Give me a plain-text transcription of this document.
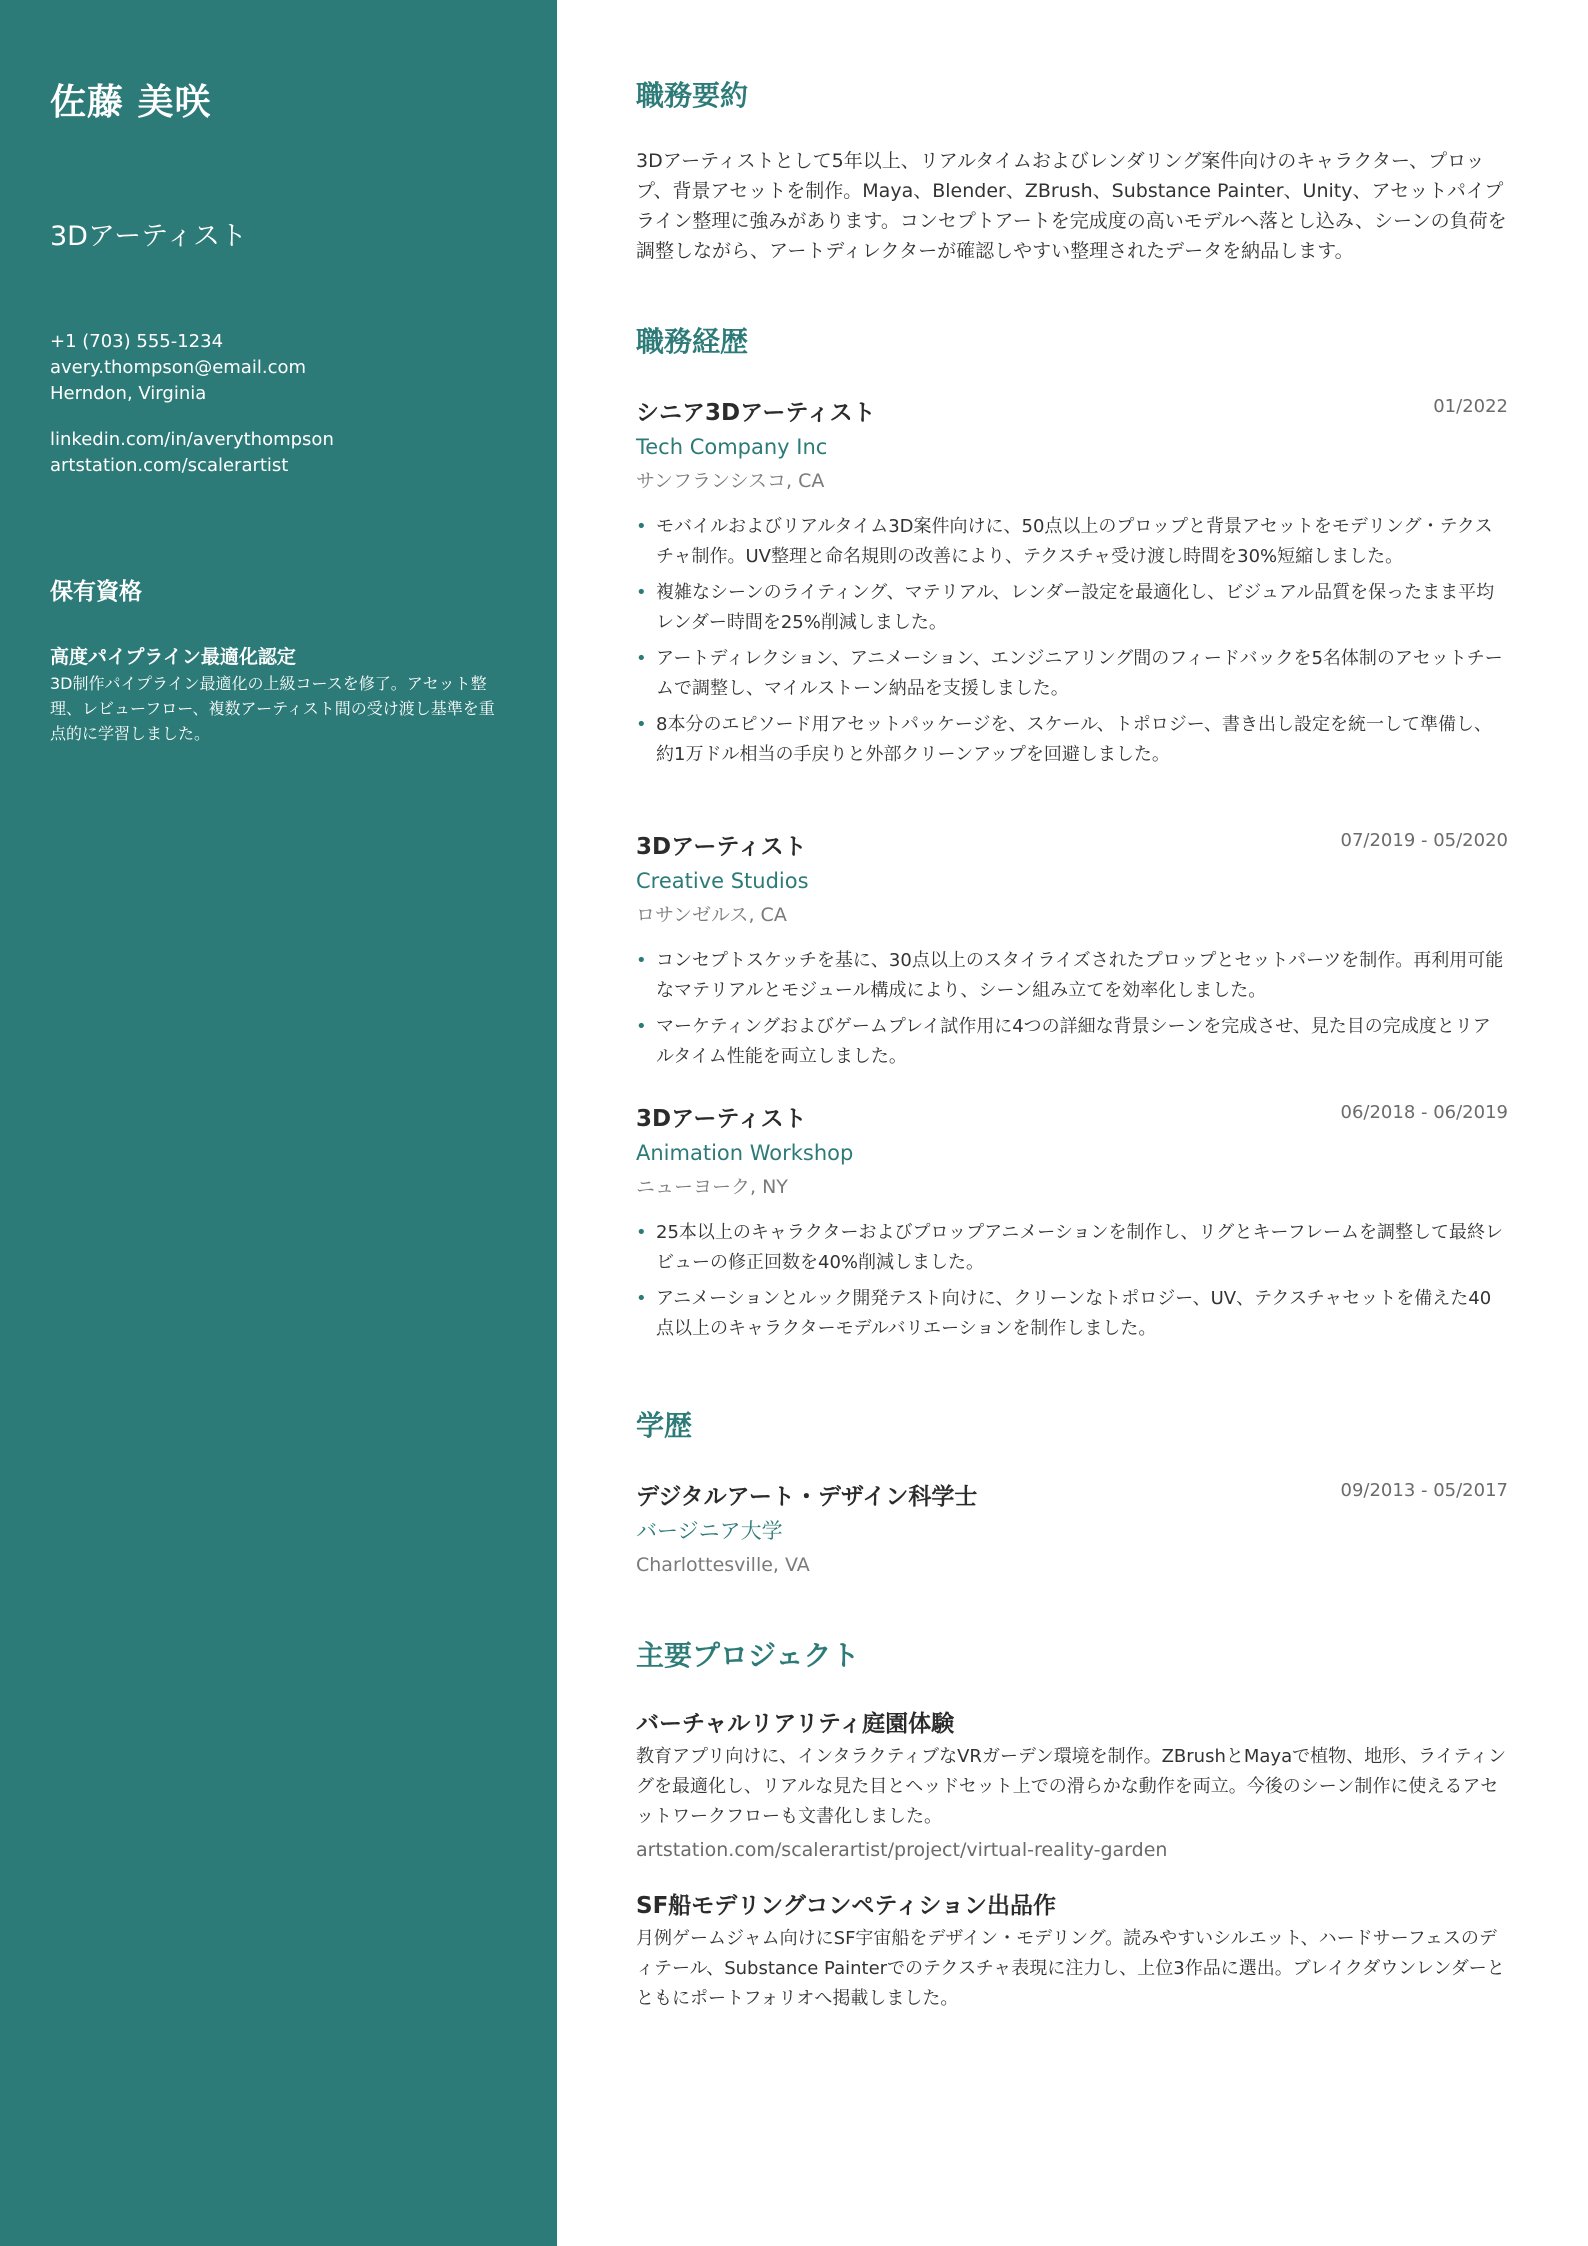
佐藤 美咲
3Dアーティスト
+1 (703) 555-1234
avery.thompson@email.com
Herndon, Virginia
linkedin.com/in/averythompson
artstation.com/scalerartist
保有資格
高度パイプライン最適化認定
3D制作パイプライン最適化の上級コースを修了。アセット整理、レビューフロー、複数アーティスト間の受け渡し基準を重点的に学習しました。
職務要約
3Dアーティストとして5年以上、リアルタイムおよびレンダリング案件向けのキャラクター、プロップ、背景アセットを制作。Maya、Blender、ZBrush、Substance Painter、Unity、アセットパイプライン整理に強みがあります。コンセプトアートを完成度の高いモデルへ落とし込み、シーンの負荷を調整しながら、アートディレクターが確認しやすい整理されたデータを納品します。
職務経歴
シニア3Dアーティスト	01/2022
Tech Company Inc
サンフランシスコ, CA
• モバイルおよびリアルタイム3D案件向けに、50点以上のプロップと背景アセットをモデリング・テクスチャ制作。UV整理と命名規則の改善により、テクスチャ受け渡し時間を30%短縮しました。
• 複雑なシーンのライティング、マテリアル、レンダー設定を最適化し、ビジュアル品質を保ったまま平均レンダー時間を25%削減しました。
• アートディレクション、アニメーション、エンジニアリング間のフィードバックを5名体制のアセットチームで調整し、マイルストーン納品を支援しました。
• 8本分のエピソード用アセットパッケージを、スケール、トポロジー、書き出し設定を統一して準備し、約1万ドル相当の手戻りと外部クリーンアップを回避しました。
3Dアーティスト	07/2019 - 05/2020
Creative Studios
ロサンゼルス, CA
• コンセプトスケッチを基に、30点以上のスタイライズされたプロップとセットパーツを制作。再利用可能なマテリアルとモジュール構成により、シーン組み立てを効率化しました。
• マーケティングおよびゲームプレイ試作用に4つの詳細な背景シーンを完成させ、見た目の完成度とリアルタイム性能を両立しました。
3Dアーティスト	06/2018 - 06/2019
Animation Workshop
ニューヨーク, NY
• 25本以上のキャラクターおよびプロップアニメーションを制作し、リグとキーフレームを調整して最終レビューの修正回数を40%削減しました。
• アニメーションとルック開発テスト向けに、クリーンなトポロジー、UV、テクスチャセットを備えた40点以上のキャラクターモデルバリエーションを制作しました。
学歴
デジタルアート・デザイン科学士	09/2013 - 05/2017
バージニア大学
Charlottesville, VA
主要プロジェクト
バーチャルリアリティ庭園体験
教育アプリ向けに、インタラクティブなVRガーデン環境を制作。ZBrushとMayaで植物、地形、ライティングを最適化し、リアルな見た目とヘッドセット上での滑らかな動作を両立。今後のシーン制作に使えるアセットワークフローも文書化しました。
artstation.com/scalerartist/project/virtual-reality-garden
SF船モデリングコンペティション出品作
月例ゲームジャム向けにSF宇宙船をデザイン・モデリング。読みやすいシルエット、ハードサーフェスのディテール、Substance Painterでのテクスチャ表現に注力し、上位3作品に選出。ブレイクダウンレンダーとともにポートフォリオへ掲載しました。
